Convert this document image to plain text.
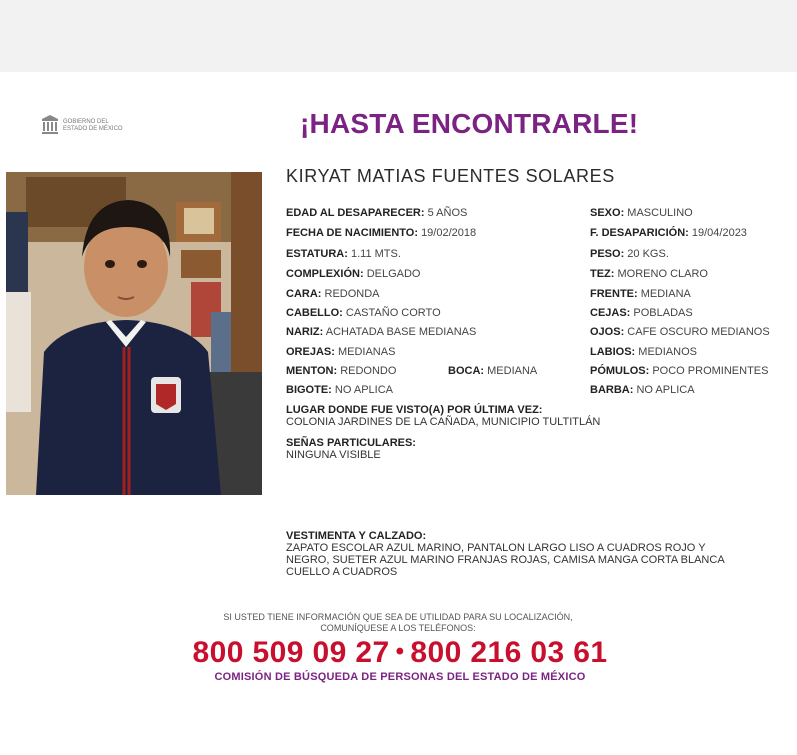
GOBIERNO DEL
ESTADO DE MÉXICO	¡HASTA ENCONTRARLE!
KIRYAT MATIAS FUENTES SOLARES
EDAD AL DESAPARECER: 5 AÑOS
FECHA DE NACIMIENTO: 19/02/2018
ESTATURA: 1.11 MTS.
COMPLEXIÓN: DELGADO
CARA: REDONDA
CABELLO: CASTAÑO CORTO
NARIZ: ACHATADA BASE MEDIANAS
OREJAS: MEDIANAS
MENTON: REDONDO	BOCA: MEDIANA
BIGOTE: NO APLICA
SEXO: MASCULINO
F. DESAPARICIÓN: 19/04/2023
PESO: 20 KGS.
TEZ: MORENO CLARO
FRENTE: MEDIANA
CEJAS: POBLADAS
OJOS: CAFE OSCURO MEDIANOS
LABIOS: MEDIANOS
PÓMULOS: POCO PROMINENTES
BARBA: NO APLICA
LUGAR DONDE FUE VISTO(A) POR ÚLTIMA VEZ:
COLONIA JARDINES DE LA CAÑADA, MUNICIPIO TULTITLÁN
SEÑAS PARTICULARES:
NINGUNA VISIBLE
VESTIMENTA Y CALZADO:
ZAPATO ESCOLAR AZUL MARINO, PANTALON LARGO LISO A CUADROS ROJO Y
NEGRO, SUETER AZUL MARINO FRANJAS ROJAS, CAMISA MANGA CORTA BLANCA
CUELLO A CUADROS
SI USTED TIENE INFORMACIÓN QUE SEA DE UTILIDAD PARA SU LOCALIZACIÓN,
COMUNÍQUESE A LOS TELÉFONOS:
800 509 09 27 • 800 216 03 61
COMISIÓN DE BÚSQUEDA DE PERSONAS DEL ESTADO DE MÉXICO
